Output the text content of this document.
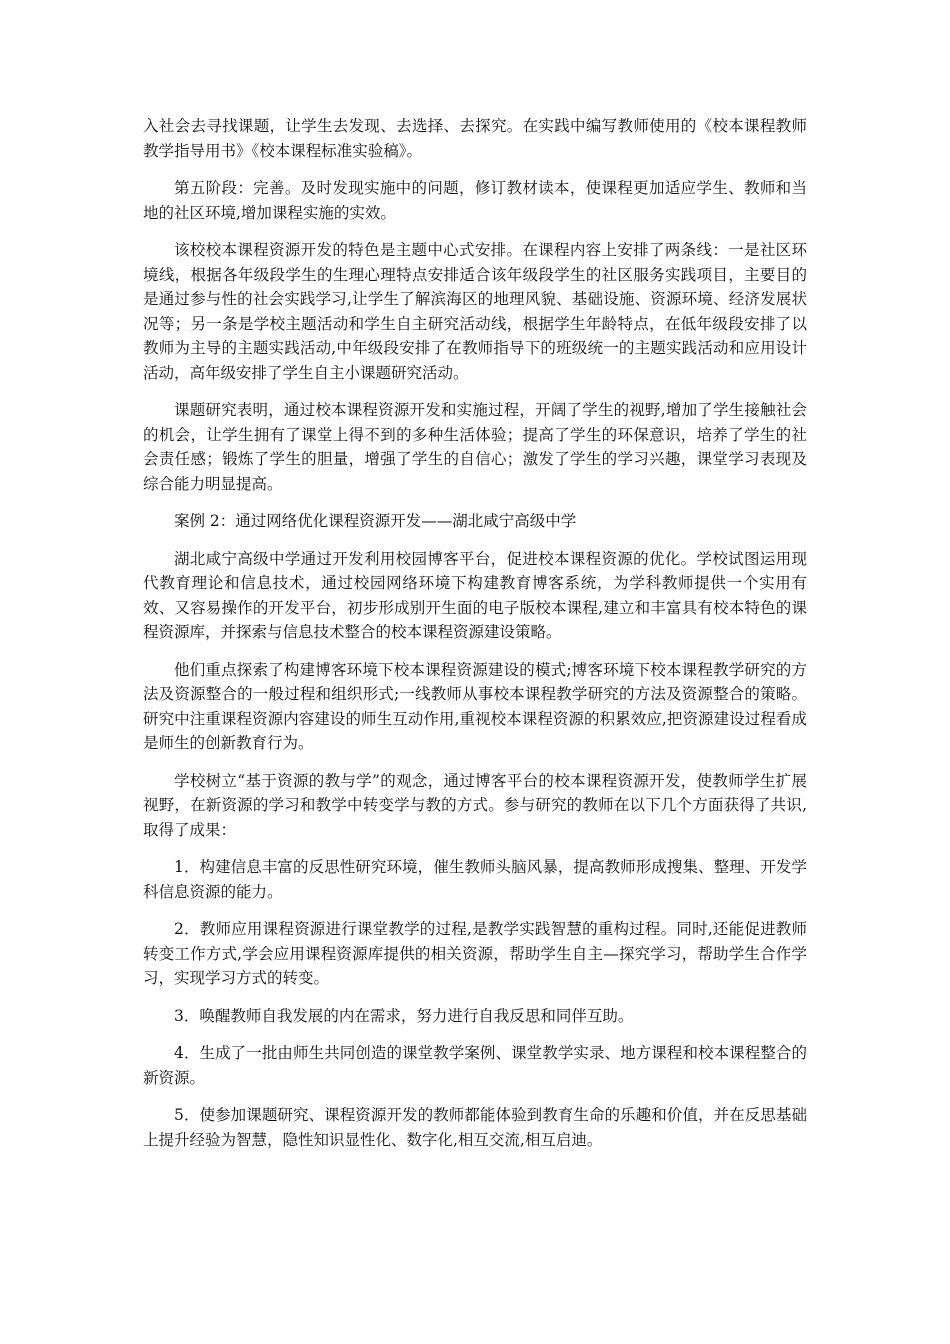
入社会去寻找课题，让学生去发现、去选择、去探究。在实践中编写教师使用的《校本课程教师教学指导用书》《校本课程标准实验稿》。

第五阶段：完善。及时发现实施中的问题，修订教材读本，使课程更加适应学生、教师和当地的社区环境,增加课程实施的实效。

该校校本课程资源开发的特色是主题中心式安排。在课程内容上安排了两条线：一是社区环境线，根据各年级段学生的生理心理特点安排适合该年级段学生的社区服务实践项目，主要目的是通过参与性的社会实践学习,让学生了解滨海区的地理风貌、基础设施、资源环境、经济发展状况等；另一条是学校主题活动和学生自主研究活动线，根据学生年龄特点，在低年级段安排了以教师为主导的主题实践活动,中年级段安排了在教师指导下的班级统一的主题实践活动和应用设计活动，高年级安排了学生自主小课题研究活动。

课题研究表明，通过校本课程资源开发和实施过程，开阔了学生的视野,增加了学生接触社会的机会，让学生拥有了课堂上得不到的多种生活体验；提高了学生的环保意识，培养了学生的社会责任感；锻炼了学生的胆量，增强了学生的自信心；激发了学生的学习兴趣，课堂学习表现及综合能力明显提高。

案例 2：通过网络优化课程资源开发——湖北咸宁高级中学

湖北咸宁高级中学通过开发利用校园博客平台，促进校本课程资源的优化。学校试图运用现代教育理论和信息技术，通过校园网络环境下构建教育博客系统，为学科教师提供一个实用有效、又容易操作的开发平台，初步形成别开生面的电子版校本课程,建立和丰富具有校本特色的课程资源库，并探索与信息技术整合的校本课程资源建设策略。

他们重点探索了构建博客环境下校本课程资源建设的模式;博客环境下校本课程教学研究的方法及资源整合的一般过程和组织形式;一线教师从事校本课程教学研究的方法及资源整合的策略。研究中注重课程资源内容建设的师生互动作用,重视校本课程资源的积累效应,把资源建设过程看成是师生的创新教育行为。

学校树立“基于资源的教与学”的观念，通过博客平台的校本课程资源开发，使教师学生扩展视野，在新资源的学习和教学中转变学与教的方式。参与研究的教师在以下几个方面获得了共识,取得了成果：

1．构建信息丰富的反思性研究环境，催生教师头脑风暴，提高教师形成搜集、整理、开发学科信息资源的能力。

2．教师应用课程资源进行课堂教学的过程,是教学实践智慧的重构过程。同时,还能促进教师转变工作方式,学会应用课程资源库提供的相关资源，帮助学生自主—探究学习，帮助学生合作学习，实现学习方式的转变。

3．唤醒教师自我发展的内在需求，努力进行自我反思和同伴互助。

4．生成了一批由师生共同创造的课堂教学案例、课堂教学实录、地方课程和校本课程整合的新资源。

5．使参加课题研究、课程资源开发的教师都能体验到教育生命的乐趣和价值，并在反思基础上提升经验为智慧，隐性知识显性化、数字化,相互交流,相互启迪。
